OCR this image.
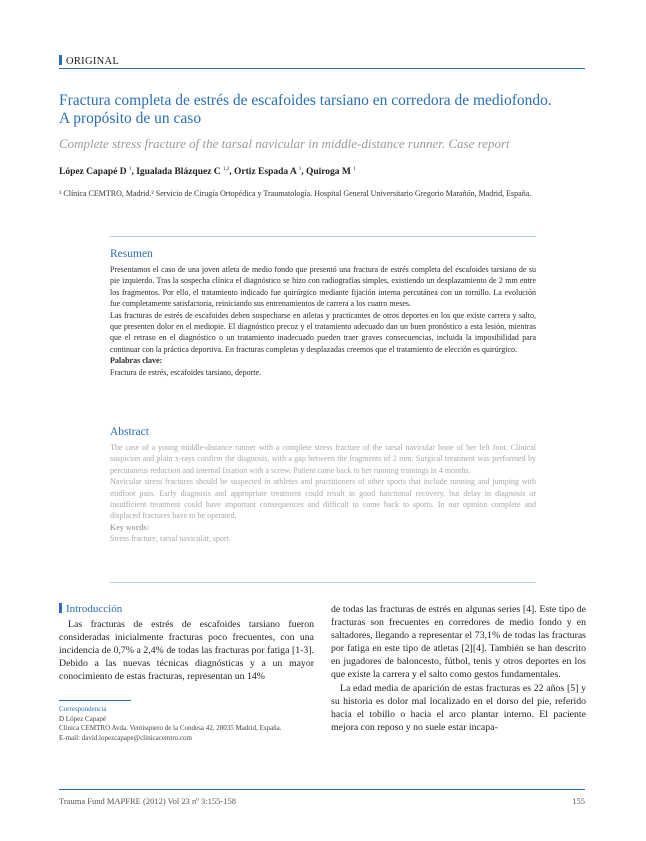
ORIGINAL
Fractura completa de estrés de escafoides tarsiano en corredora de mediofondo.
A propósito de un caso
Complete stress fracture of the tarsal navicular in middle-distance runner. Case report
López Capapé D $^1$, Igualada Blázquez C $^{1,2}$, Ortiz Espada A $^1$, Quiroga M $^1$
¹ Clínica CEMTRO, Madrid.² Servicio de Cirugía Ortopédica y Traumatología. Hospital General Universitario Gregorio Marañón, Madrid, España.
Resumen

Presentamos el caso de una joven atleta de medio fondo que presentó una fractura de estrés completa del escafoides tarsiano de su pie izquierdo. Tras la sospecha clínica el diagnóstico se hizo con radiografías simples, existiendo un desplazamiento de 2 mm entre los fragmentos. Por ello, el tratamiento indicado fue quirúrgico mediante fijación interna percutánea con un tornillo. La evolución fue completamente satisfactoria, reiniciando sus entrenamientos de carrera a los cuatro meses.

Las fracturas de estrés de escafoides deben sospecharse en atletas y practicantes de otros deportes en los que existe carrera y salto, que presenten dolor en el mediopie. El diagnóstico precoz y el tratamiento adecuado dan un buen pronóstico a esta lesión, mientras que el retraso en el diagnóstico o un tratamiento inadecuado pueden traer graves consecuencias, incluida la imposibilidad para continuar con la práctica deportiva. En fracturas completas y desplazadas creemos que el tratamiento de elección es quirúrgico.

Palabras clave:

Fractura de estrés, escafoides tarsiano, deporte.

Abstract

The case of a young middle-distance runner with a complete stress fracture of the tarsal navicular bone of her left foot. Clinical suspicion and plain x-rays confirm the diagnosis, with a gap between the fragments of 2 mm. Surgical treatment was performed by percutaneus reduction and internal fixation with a screw. Patient came back to her running trainings in 4 months.

Navicular stress fractures should be suspected in athletes and practitioners of other sports that include running and jumping with midfoot pain. Early diagnosis and appropriate treatment could result in good functional recovery, but delay in diagnosis or insufficient treatment could have important consequences and difficult to come back to sports. In our opinion complete and displaced fractures have to be operated.

Key words:

Stress fracture, tarsal navicular, sport.

Introducción

Las fracturas de estrés de escafoides tarsiano fueron consideradas inicialmente fracturas poco frecuentes, con una incidencia de 0,7% a 2,4% de todas las fracturas por fatiga [1-3]. Debido a las nuevas técnicas diagnósticas y a un mayor conocimiento de estas fracturas, representan un 14%

de todas las fracturas de estrés en algunas series [4]. Este tipo de fracturas son frecuentes en corredores de medio fondo y en saltadores, llegando a representar el 73,1% de todas las fracturas por fatiga en este tipo de atletas [2][4]. También se han descrito en jugadores de baloncesto, fútbol, tenis y otros deportes en los que existe la carrera y el salto como gestos fundamentales.

La edad media de aparición de estas fracturas es 22 años [5] y su historia es dolor mal localizado en el dorso del pie, referido hacia el tobillo o hacia el arco plantar interno. El paciente mejora con reposo y no suele estar incapa-

Correspondencia
D López Capapé
Clínica CEMTRO Avda. Ventisquero de la Condesa 42, 28035 Madrid, España.
E-mail: david.lopezcapape@clinicacemtro.com
Trauma Fund MAPFRE (2012) Vol 23 nº 3:155-158	155
